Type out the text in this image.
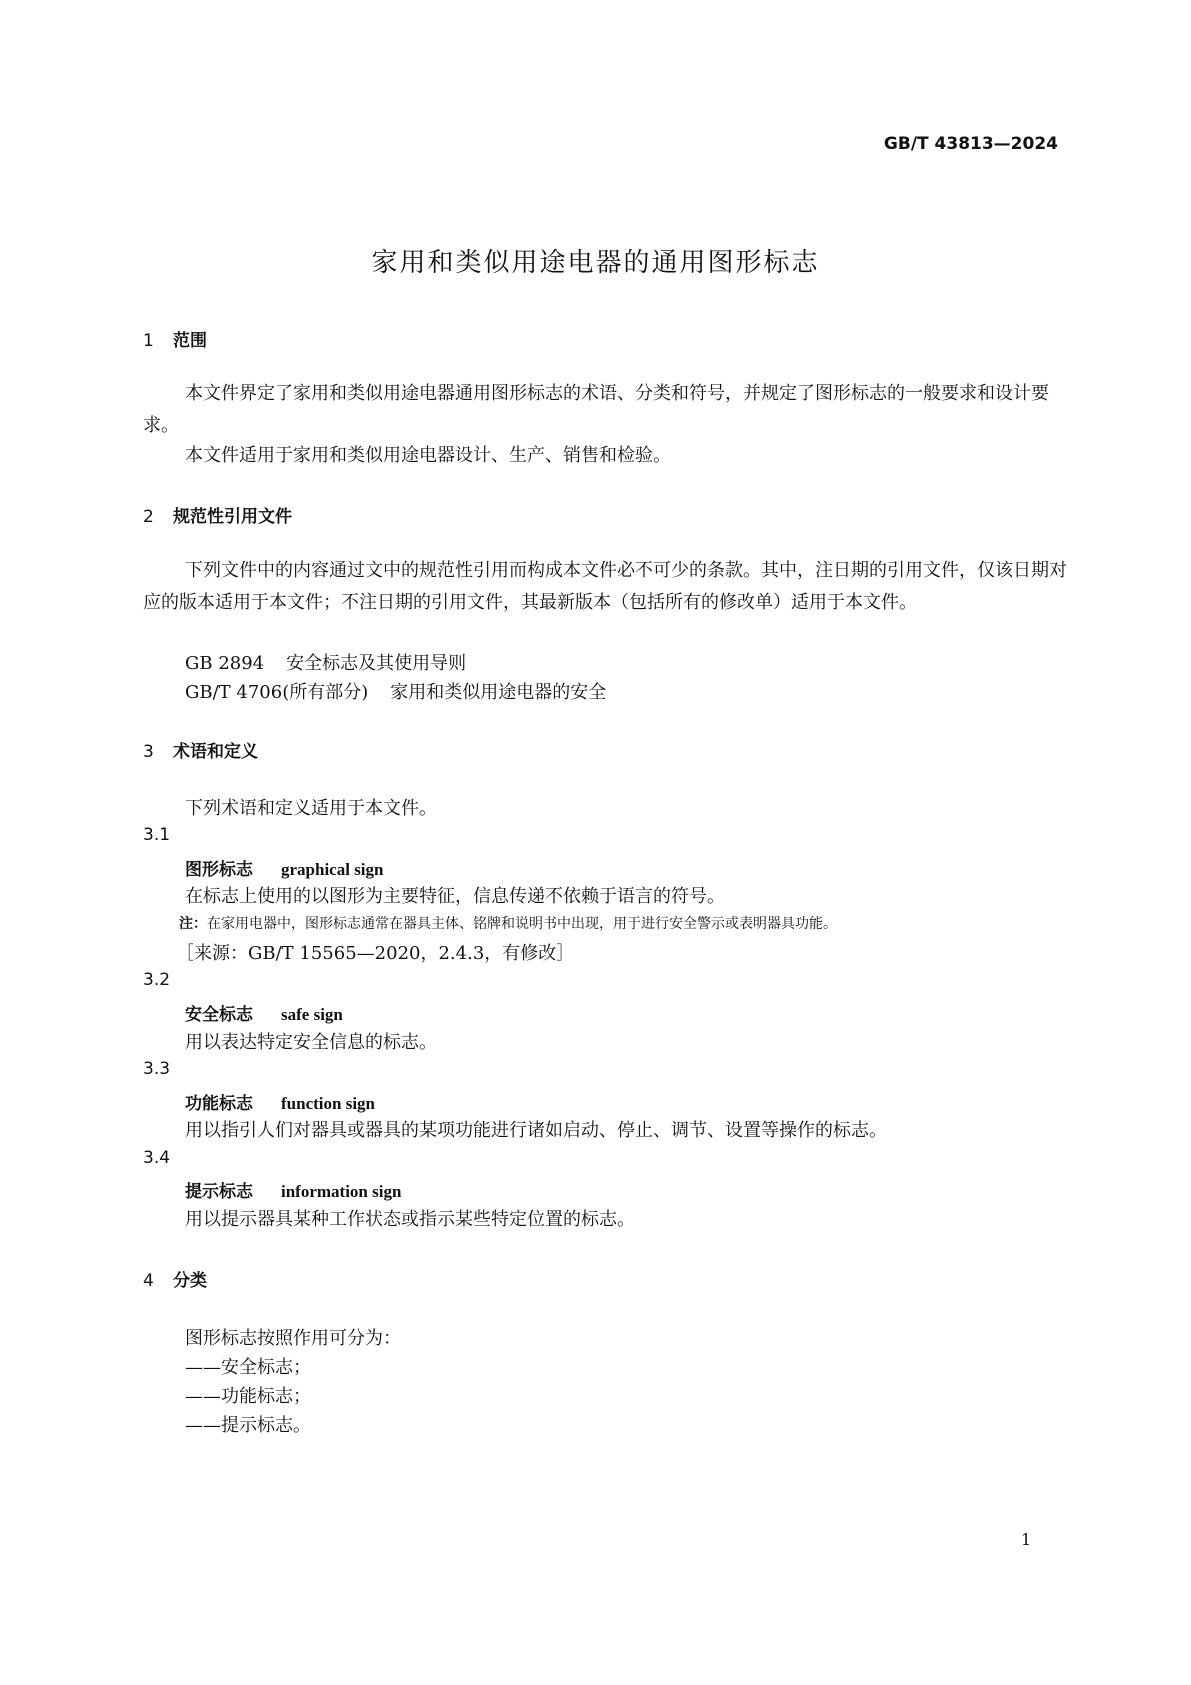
GB/T 43813—2024
家用和类似用途电器的通用图形标志
1 范围
本文件界定了家用和类似用途电器通用图形标志的术语、分类和符号，并规定了图形标志的一般要求和设计要求。
本文件适用于家用和类似用途电器设计、生产、销售和检验。
2 规范性引用文件
下列文件中的内容通过文中的规范性引用而构成本文件必不可少的条款。其中，注日期的引用文件，仅该日期对应的版本适用于本文件；不注日期的引用文件，其最新版本（包括所有的修改单）适用于本文件。
GB 2894 安全标志及其使用导则
GB/T 4706(所有部分) 家用和类似用途电器的安全
3 术语和定义
下列术语和定义适用于本文件。
3.1
图形标志 graphical sign
在标志上使用的以图形为主要特征，信息传递不依赖于语言的符号。
注：在家用电器中，图形标志通常在器具主体、铭牌和说明书中出现，用于进行安全警示或表明器具功能。
［来源：GB/T 15565—2020，2.4.3，有修改］
3.2
安全标志 safe sign
用以表达特定安全信息的标志。
3.3
功能标志 function sign
用以指引人们对器具或器具的某项功能进行诸如启动、停止、调节、设置等操作的标志。
3.4
提示标志 information sign
用以提示器具某种工作状态或指示某些特定位置的标志。
4 分类
图形标志按照作用可分为：
——安全标志；
——功能标志；
——提示标志。
1
